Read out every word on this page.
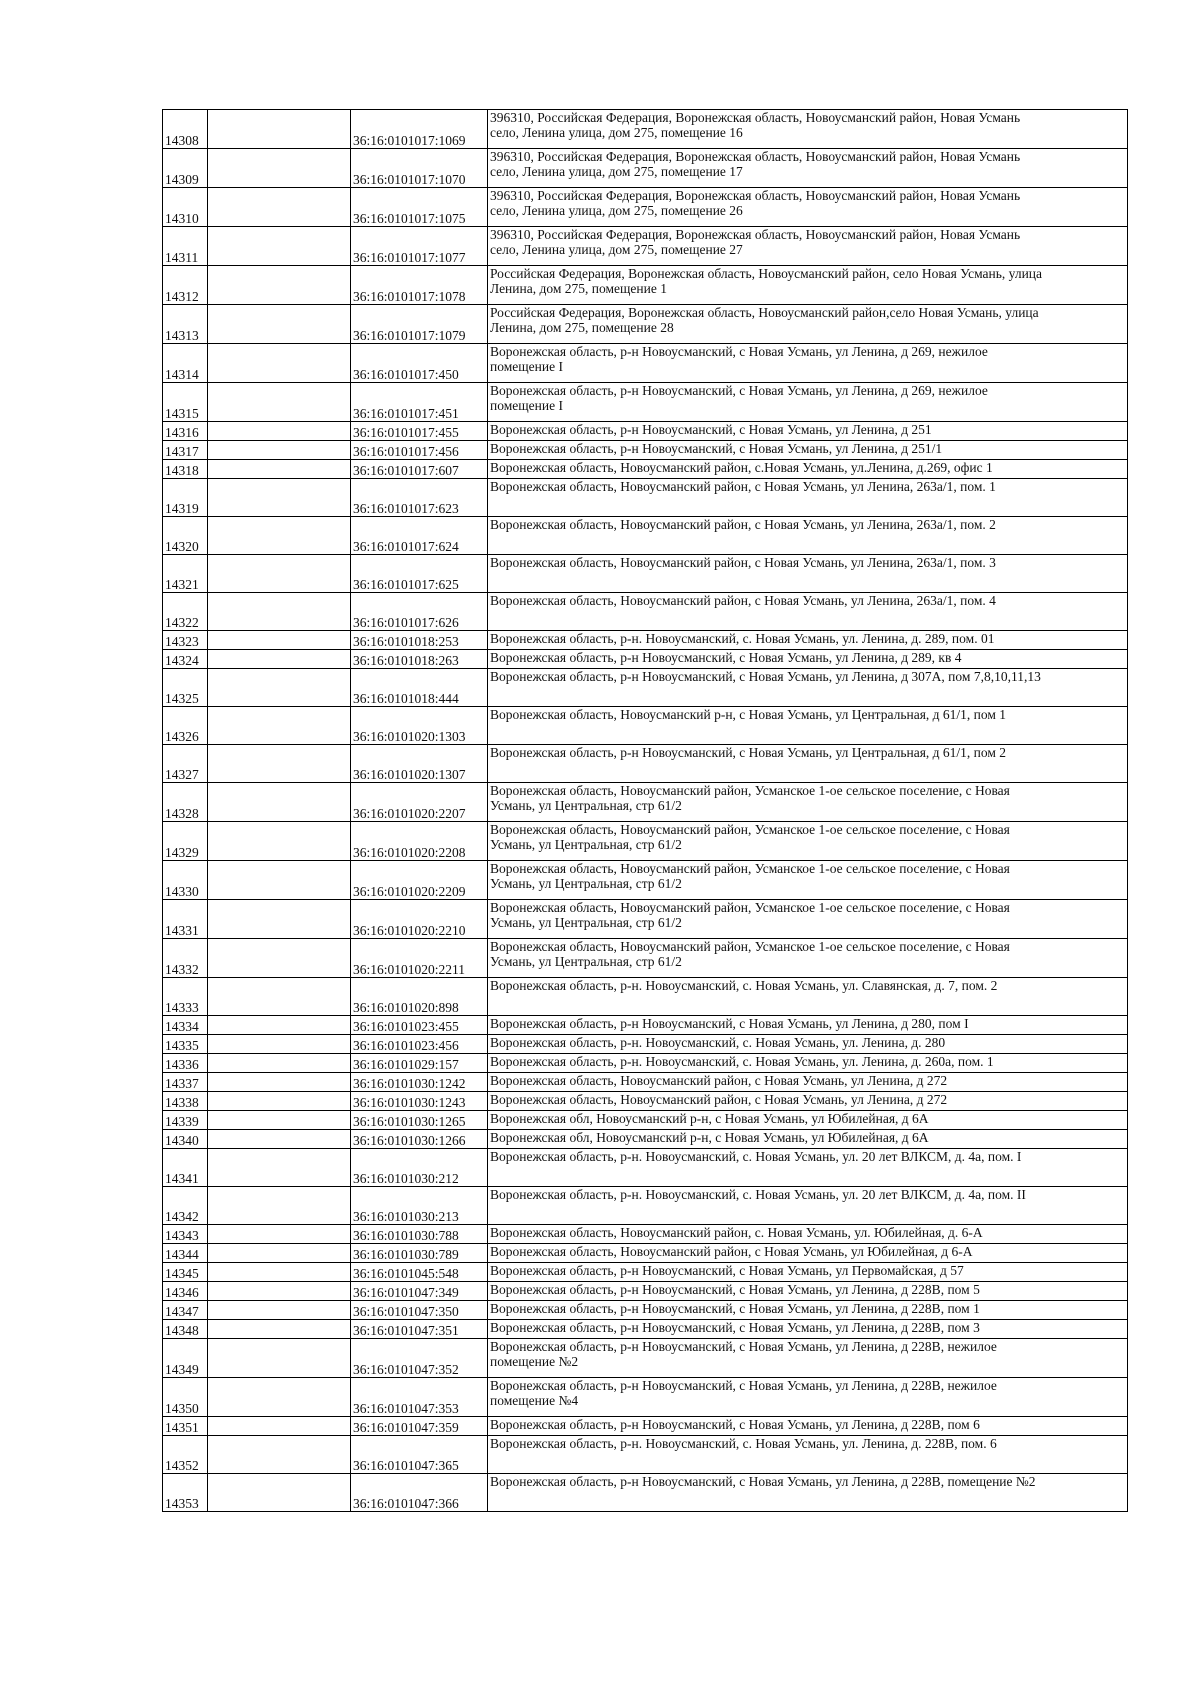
14308		36:16:0101017:1069	396310, Российская Федерация, Воронежская область, Новоусманский район, Новая Усмань
село, Ленина улица, дом 275, помещение 16
14309		36:16:0101017:1070	396310, Российская Федерация, Воронежская область, Новоусманский район, Новая Усмань
село, Ленина улица, дом 275, помещение 17
14310		36:16:0101017:1075	396310, Российская Федерация, Воронежская область, Новоусманский район, Новая Усмань
село, Ленина улица, дом 275, помещение 26
14311		36:16:0101017:1077	396310, Российская Федерация, Воронежская область, Новоусманский район, Новая Усмань
село, Ленина улица, дом 275, помещение 27
14312		36:16:0101017:1078	Российская Федерация, Воронежская область, Новоусманский район, село Новая Усмань, улица
Ленина, дом 275, помещение 1
14313		36:16:0101017:1079	Российская Федерация, Воронежская область, Новоусманский район,село Новая Усмань, улица
Ленина, дом 275, помещение 28
14314		36:16:0101017:450	Воронежская область, р-н Новоусманский, с Новая Усмань, ул Ленина, д 269, нежилое
помещение I
14315		36:16:0101017:451	Воронежская область, р-н Новоусманский, с Новая Усмань, ул Ленина, д 269, нежилое
помещение I
14316		36:16:0101017:455	Воронежская область, р-н Новоусманский, с Новая Усмань, ул Ленина, д 251
14317		36:16:0101017:456	Воронежская область, р-н Новоусманский, с Новая Усмань, ул Ленина, д 251/1
14318		36:16:0101017:607	Воронежская область, Новоусманский район, с.Новая Усмань, ул.Ленина, д.269, офис 1
14319		36:16:0101017:623	Воронежская область, Новоусманский район, с Новая Усмань, ул Ленина, 263а/1, пом. 1
14320		36:16:0101017:624	Воронежская область, Новоусманский район, с Новая Усмань, ул Ленина, 263а/1, пом. 2
14321		36:16:0101017:625	Воронежская область, Новоусманский район, с Новая Усмань, ул Ленина, 263а/1, пом. 3
14322		36:16:0101017:626	Воронежская область, Новоусманский район, с Новая Усмань, ул Ленина, 263а/1, пом. 4
14323		36:16:0101018:253	Воронежская область, р-н. Новоусманский, с. Новая Усмань, ул. Ленина, д. 289, пом. 01
14324		36:16:0101018:263	Воронежская область, р-н Новоусманский, с Новая Усмань, ул Ленина, д 289, кв 4
14325		36:16:0101018:444	Воронежская область, р-н Новоусманский, с Новая Усмань, ул Ленина, д 307А, пом 7,8,10,11,13
14326		36:16:0101020:1303	Воронежская область, Новоусманский р-н, с Новая Усмань, ул Центральная, д 61/1, пом 1
14327		36:16:0101020:1307	Воронежская область, р-н Новоусманский, с Новая Усмань, ул Центральная, д 61/1, пом 2
14328		36:16:0101020:2207	Воронежская область, Новоусманский район, Усманское 1-ое сельское поселение, с Новая
Усмань, ул Центральная, стр 61/2
14329		36:16:0101020:2208	Воронежская область, Новоусманский район, Усманское 1-ое сельское поселение, с Новая
Усмань, ул Центральная, стр 61/2
14330		36:16:0101020:2209	Воронежская область, Новоусманский район, Усманское 1-ое сельское поселение, с Новая
Усмань, ул Центральная, стр 61/2
14331		36:16:0101020:2210	Воронежская область, Новоусманский район, Усманское 1-ое сельское поселение, с Новая
Усмань, ул Центральная, стр 61/2
14332		36:16:0101020:2211	Воронежская область, Новоусманский район, Усманское 1-ое сельское поселение, с Новая
Усмань, ул Центральная, стр 61/2
14333		36:16:0101020:898	Воронежская область, р-н. Новоусманский, с. Новая Усмань, ул. Славянская, д. 7, пом. 2
14334		36:16:0101023:455	Воронежская область, р-н Новоусманский, с Новая Усмань, ул Ленина, д 280, пом I
14335		36:16:0101023:456	Воронежская область, р-н. Новоусманский, с. Новая Усмань, ул. Ленина, д. 280
14336		36:16:0101029:157	Воронежская область, р-н. Новоусманский, с. Новая Усмань, ул. Ленина, д. 260а, пом. 1
14337		36:16:0101030:1242	Воронежская область, Новоусманский район, с Новая Усмань, ул Ленина, д 272
14338		36:16:0101030:1243	Воронежская область, Новоусманский район, с Новая Усмань, ул Ленина, д 272
14339		36:16:0101030:1265	Воронежская обл, Новоусманский р-н, с Новая Усмань, ул Юбилейная, д 6А
14340		36:16:0101030:1266	Воронежская обл, Новоусманский р-н, с Новая Усмань, ул Юбилейная, д 6А
14341		36:16:0101030:212	Воронежская область, р-н. Новоусманский, с. Новая Усмань, ул. 20 лет ВЛКСМ, д. 4а, пом. I
14342		36:16:0101030:213	Воронежская область, р-н. Новоусманский, с. Новая Усмань, ул. 20 лет ВЛКСМ, д. 4а, пом. II
14343		36:16:0101030:788	Воронежская область, Новоусманский район, с. Новая Усмань, ул. Юбилейная, д. 6-А
14344		36:16:0101030:789	Воронежская область, Новоусманский район, с Новая Усмань, ул Юбилейная, д 6-А
14345		36:16:0101045:548	Воронежская область, р-н Новоусманский, с Новая Усмань, ул Первомайская, д 57
14346		36:16:0101047:349	Воронежская область, р-н Новоусманский, с Новая Усмань, ул Ленина, д 228В, пом 5
14347		36:16:0101047:350	Воронежская область, р-н Новоусманский, с Новая Усмань, ул Ленина, д 228В, пом 1
14348		36:16:0101047:351	Воронежская область, р-н Новоусманский, с Новая Усмань, ул Ленина, д 228В, пом 3
14349		36:16:0101047:352	Воронежская область, р-н Новоусманский, с Новая Усмань, ул Ленина, д 228В, нежилое
помещение №2
14350		36:16:0101047:353	Воронежская область, р-н Новоусманский, с Новая Усмань, ул Ленина, д 228В, нежилое
помещение №4
14351		36:16:0101047:359	Воронежская область, р-н Новоусманский, с Новая Усмань, ул Ленина, д 228В, пом 6
14352		36:16:0101047:365	Воронежская область, р-н. Новоусманский, с. Новая Усмань, ул. Ленина, д. 228В, пом. 6
14353		36:16:0101047:366	Воронежская область, р-н Новоусманский, с Новая Усмань, ул Ленина, д 228В, помещение №2
